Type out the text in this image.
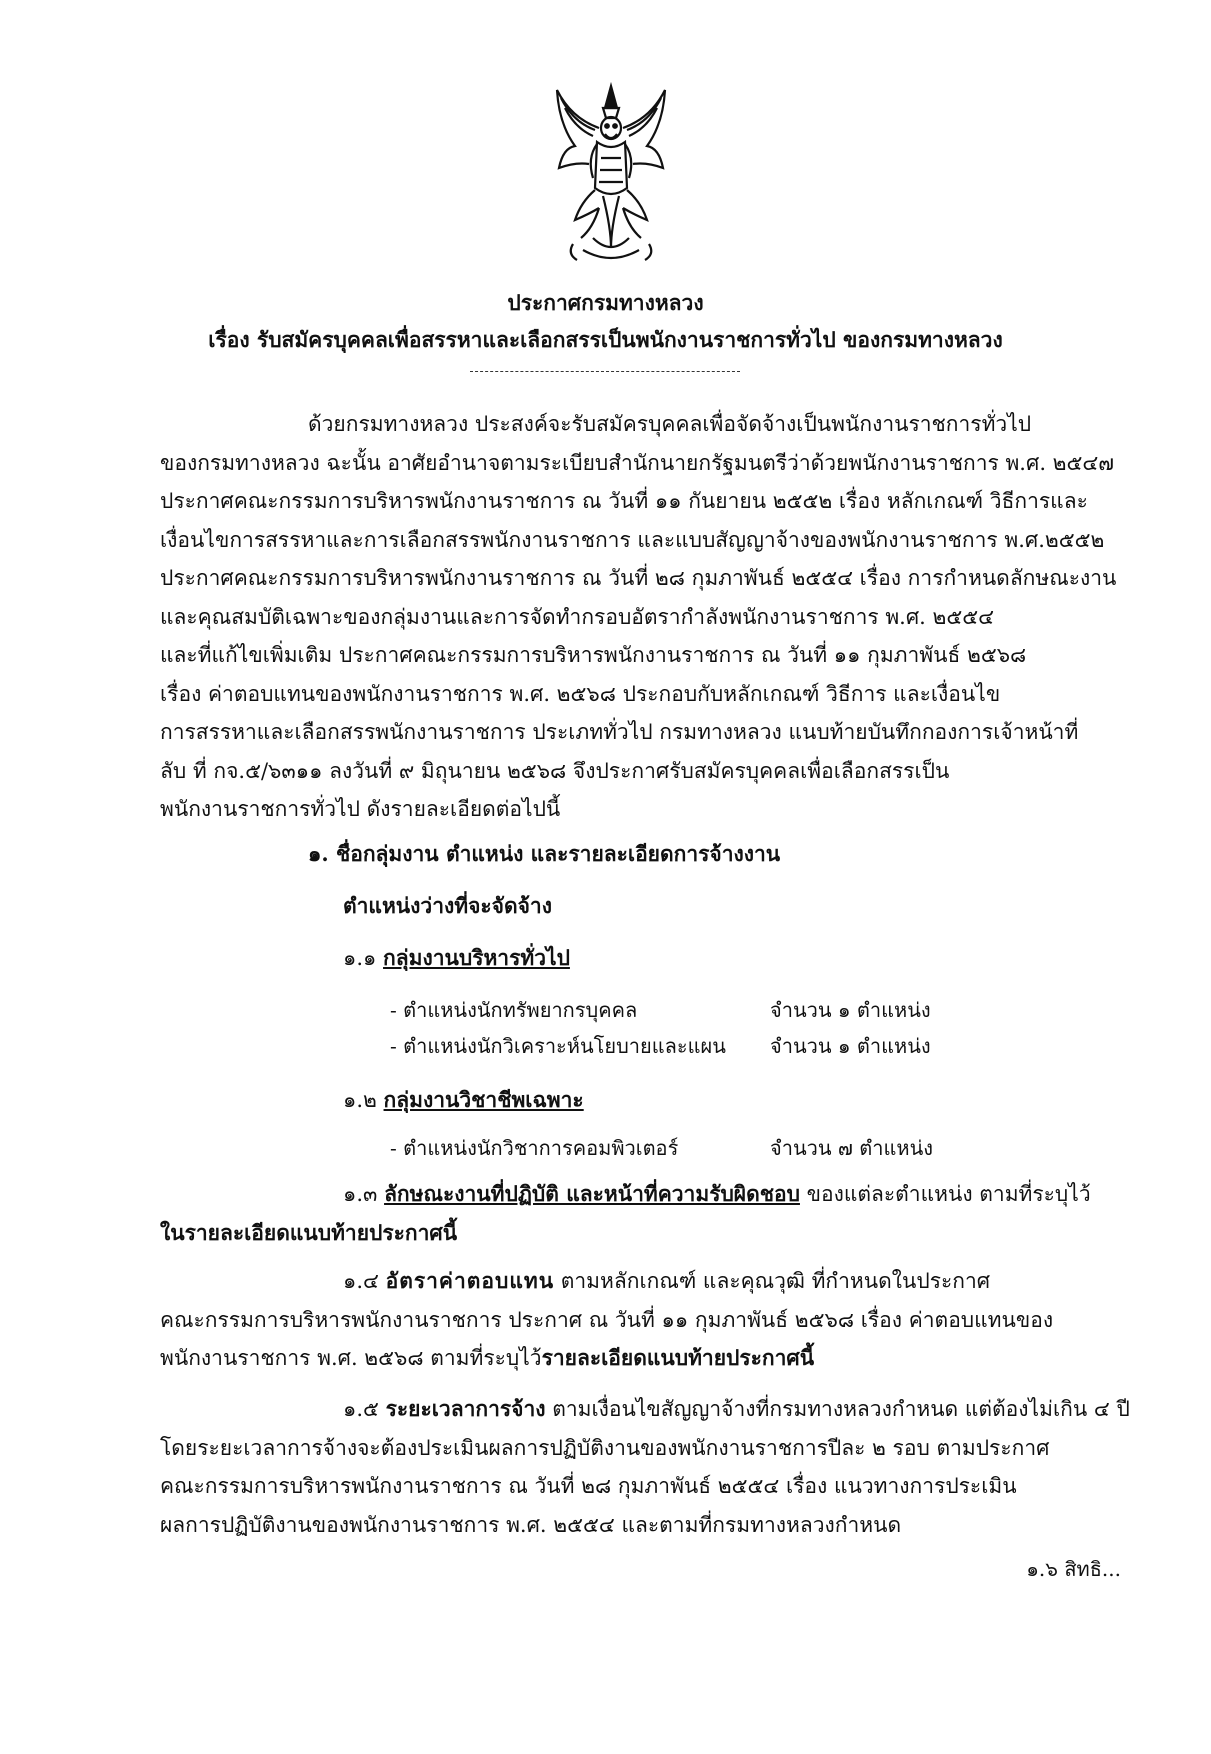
ประกาศกรมทางหลวง
เรื่อง รับสมัครบุคคลเพื่อสรรหาและเลือกสรรเป็นพนักงานราชการทั่วไป ของกรมทางหลวง
ด้วยกรมทางหลวง ประสงค์จะรับสมัครบุคคลเพื่อจัดจ้างเป็นพนักงานราชการทั่วไป
ของกรมทางหลวง ฉะนั้น อาศัยอำนาจตามระเบียบสำนักนายกรัฐมนตรีว่าด้วยพนักงานราชการ พ.ศ. ๒๕๔๗
ประกาศคณะกรรมการบริหารพนักงานราชการ ณ วันที่ ๑๑ กันยายน ๒๕๕๒ เรื่อง หลักเกณฑ์ วิธีการและ
เงื่อนไขการสรรหาและการเลือกสรรพนักงานราชการ และแบบสัญญาจ้างของพนักงานราชการ พ.ศ.๒๕๕๒
ประกาศคณะกรรมการบริหารพนักงานราชการ ณ วันที่ ๒๘ กุมภาพันธ์ ๒๕๕๔ เรื่อง การกำหนดลักษณะงาน
และคุณสมบัติเฉพาะของกลุ่มงานและการจัดทำกรอบอัตรากำลังพนักงานราชการ พ.ศ. ๒๕๕๔
และที่แก้ไขเพิ่มเติม ประกาศคณะกรรมการบริหารพนักงานราชการ ณ วันที่ ๑๑ กุมภาพันธ์ ๒๕๖๘
เรื่อง ค่าตอบแทนของพนักงานราชการ พ.ศ. ๒๕๖๘ ประกอบกับหลักเกณฑ์ วิธีการ และเงื่อนไข
การสรรหาและเลือกสรรพนักงานราชการ ประเภททั่วไป กรมทางหลวง แนบท้ายบันทึกกองการเจ้าหน้าที่
ลับ ที่ กจ.๕/๖๓๑๑ ลงวันที่ ๙ มิถุนายน ๒๕๖๘ จึงประกาศรับสมัครบุคคลเพื่อเลือกสรรเป็น
พนักงานราชการทั่วไป ดังรายละเอียดต่อไปนี้
๑. ชื่อกลุ่มงาน ตำแหน่ง และรายละเอียดการจ้างงาน
ตำแหน่งว่างที่จะจัดจ้าง
๑.๑ กลุ่มงานบริหารทั่วไป
- ตำแหน่งนักทรัพยากรบุคคล	จำนวน ๑ ตำแหน่ง
- ตำแหน่งนักวิเคราะห์นโยบายและแผน จำนวน ๑ ตำแหน่ง
๑.๒ กลุ่มงานวิชาชีพเฉพาะ
- ตำแหน่งนักวิชาการคอมพิวเตอร์	จำนวน ๗ ตำแหน่ง
๑.๓ ลักษณะงานที่ปฏิบัติ และหน้าที่ความรับผิดชอบ ของแต่ละตำแหน่ง ตามที่ระบุไว้
ในรายละเอียดแนบท้ายประกาศนี้
๑.๔ อัตราค่าตอบแทน ตามหลักเกณฑ์ และคุณวุฒิ ที่กำหนดในประกาศ
คณะกรรมการบริหารพนักงานราชการ ประกาศ ณ วันที่ ๑๑ กุมภาพันธ์ ๒๕๖๘ เรื่อง ค่าตอบแทนของ
พนักงานราชการ พ.ศ. ๒๕๖๘ ตามที่ระบุไว้รายละเอียดแนบท้ายประกาศนี้
๑.๕ ระยะเวลาการจ้าง ตามเงื่อนไขสัญญาจ้างที่กรมทางหลวงกำหนด แต่ต้องไม่เกิน ๔ ปี
โดยระยะเวลาการจ้างจะต้องประเมินผลการปฏิบัติงานของพนักงานราชการปีละ ๒ รอบ ตามประกาศ
คณะกรรมการบริหารพนักงานราชการ ณ วันที่ ๒๘ กุมภาพันธ์ ๒๕๕๔ เรื่อง แนวทางการประเมิน
ผลการปฏิบัติงานของพนักงานราชการ พ.ศ. ๒๕๕๔ และตามที่กรมทางหลวงกำหนด
๑.๖ สิทธิ...
